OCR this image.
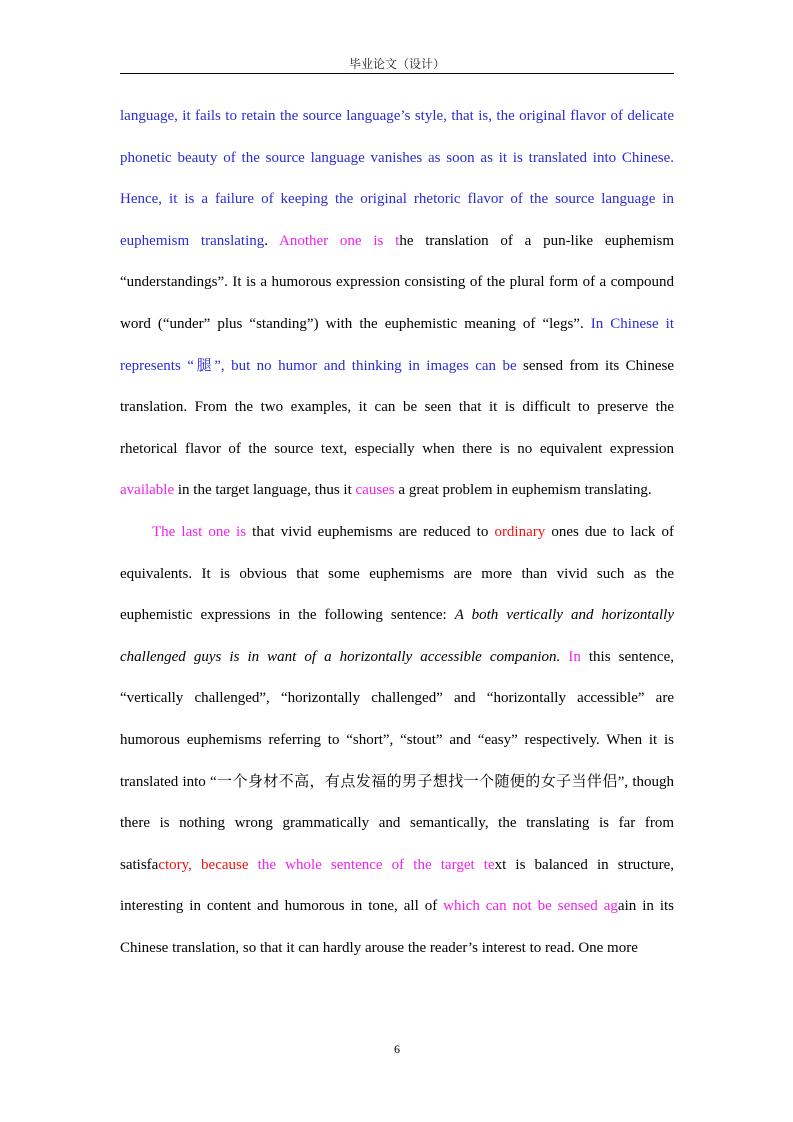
毕业论文（设计）

language, it fails to retain the source language’s style, that is, the original flavor of delicate phonetic beauty of the source language vanishes as soon as it is translated into Chinese. Hence, it is a failure of keeping the original rhetoric flavor of the source language in euphemism translating. Another one is the translation of a pun-like euphemism “understandings”. It is a humorous expression consisting of the plural form of a compound word (“under” plus “standing”) with the euphemistic meaning of “legs”. In Chinese it represents “腿”, but no humor and thinking in images can be sensed from its Chinese translation. From the two examples, it can be seen that it is difficult to preserve the rhetorical flavor of the source text, especially when there is no equivalent expression available in the target language, thus it causes a great problem in euphemism translating.

The last one is that vivid euphemisms are reduced to ordinary ones due to lack of equivalents. It is obvious that some euphemisms are more than vivid such as the euphemistic expressions in the following sentence: A both vertically and horizontally challenged guys is in want of a horizontally accessible companion. In this sentence, “vertically challenged”, “horizontally challenged” and “horizontally accessible” are humorous euphemisms referring to “short”, “stout” and “easy” respectively. When it is translated into “一个身材不高，有点发福的男子想找一个随便的女子当伴侣”, though there is nothing wrong grammatically and semantically, the translating is far from satisfactory, because the whole sentence of the target text is balanced in structure, interesting in content and humorous in tone, all of which can not be sensed again in its Chinese translation, so that it can hardly arouse the reader’s interest to read. One more

6
